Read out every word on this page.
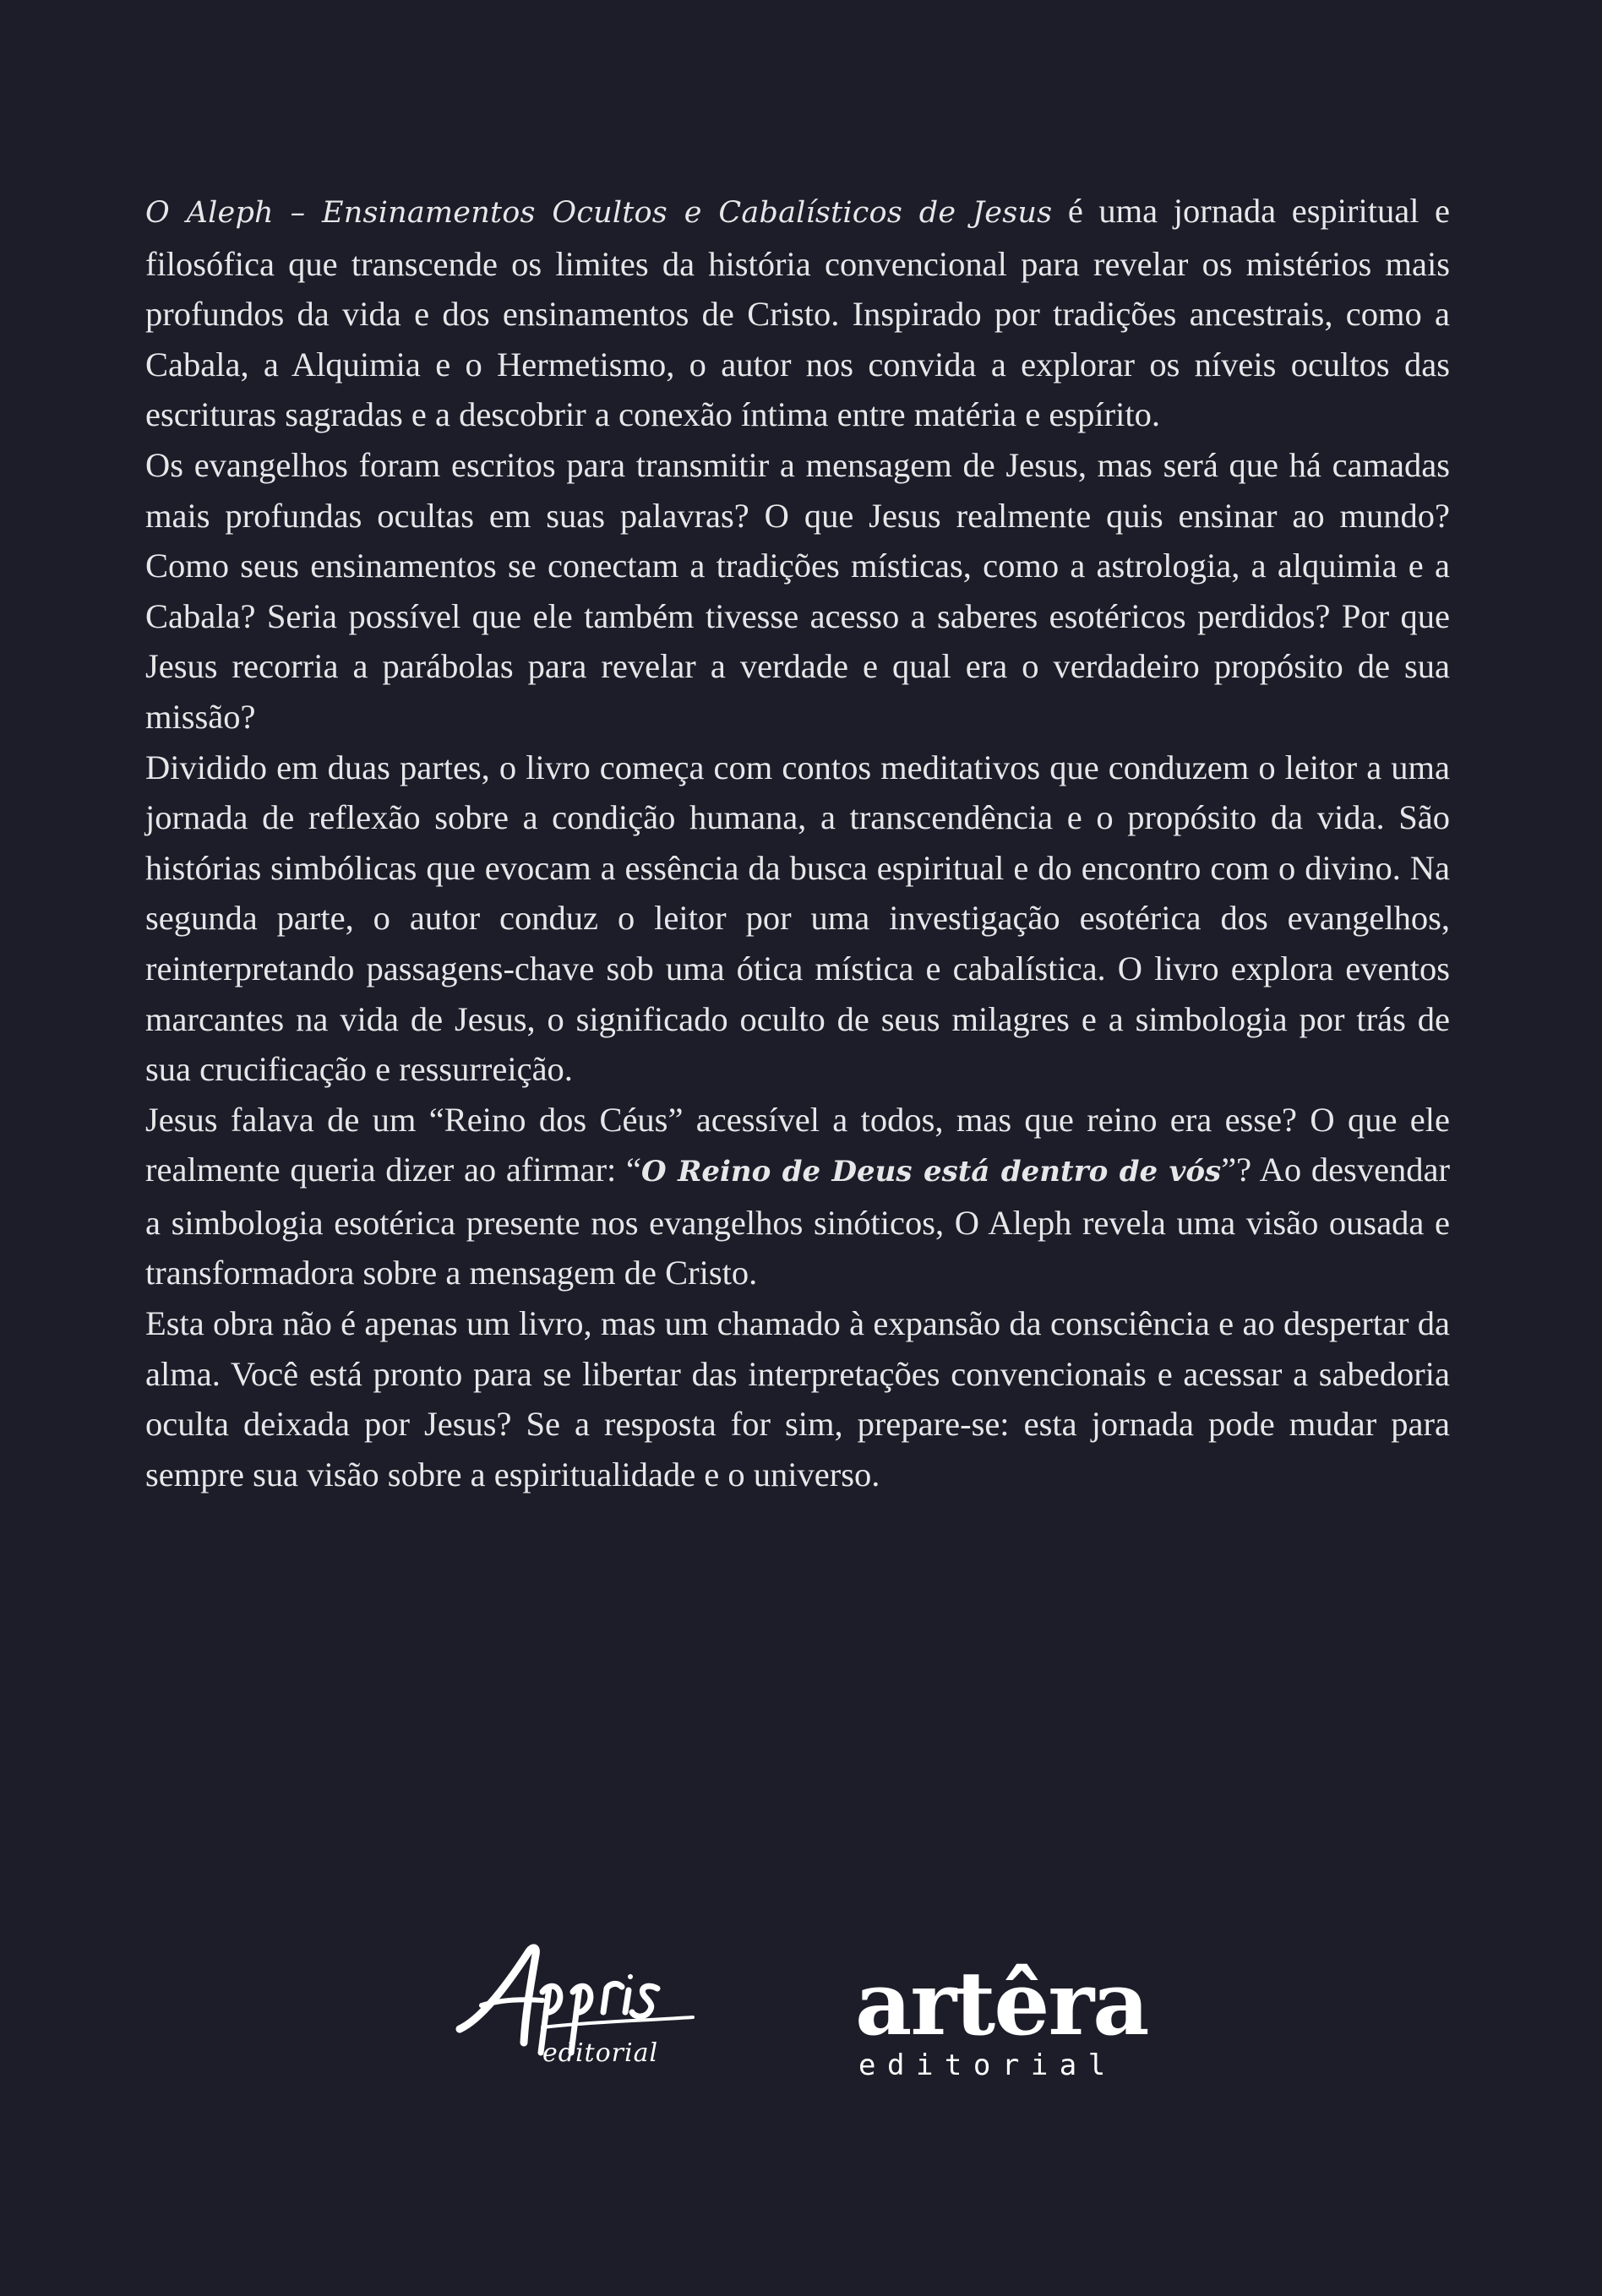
O Aleph – Ensinamentos Ocultos e Cabalísticos de Jesus é uma jornada espiritual e filosófica que transcende os limites da história convencional para revelar os mistérios mais profundos da vida e dos ensinamentos de Cristo. Inspirado por tradições ancestrais, como a Cabala, a Alquimia e o Hermetismo, o autor nos convida a explorar os níveis ocultos das escrituras sagradas e a descobrir a conexão íntima entre matéria e espírito.

Os evangelhos foram escritos para transmitir a mensagem de Jesus, mas será que há camadas mais profundas ocultas em suas palavras? O que Jesus realmente quis ensinar ao mundo? Como seus ensinamentos se conectam a tradições místicas, como a astrologia, a alquimia e a Cabala? Seria possível que ele também tivesse acesso a saberes esotéricos perdidos? Por que Jesus recorria a parábolas para revelar a verdade e qual era o verdadeiro propósito de sua missão?

Dividido em duas partes, o livro começa com contos meditativos que conduzem o leitor a uma jornada de reflexão sobre a condição humana, a transcendência e o propósito da vida. São histórias simbólicas que evocam a essência da busca espiritual e do encontro com o divino. Na segunda parte, o autor conduz o leitor por uma investigação esotérica dos evangelhos, reinterpretando passagens-chave sob uma ótica mística e cabalística. O livro explora eventos marcantes na vida de Jesus, o significado oculto de seus milagres e a simbologia por trás de sua crucificação e ressurreição.

Jesus falava de um “Reino dos Céus” acessível a todos, mas que reino era esse? O que ele realmente queria dizer ao afirmar: “O Reino de Deus está dentro de vós”? Ao desvendar a simbologia esotérica presente nos evangelhos sinóticos, O Aleph revela uma visão ousada e transformadora sobre a mensagem de Cristo.

Esta obra não é apenas um livro, mas um chamado à expansão da consciência e ao despertar da alma. Você está pronto para se libertar das interpretações convencionais e acessar a sabedoria oculta deixada por Jesus? Se a resposta for sim, prepare-se: esta jornada pode mudar para sempre sua visão sobre a espiritualidade e o universo.

editorial artêra
editorial
